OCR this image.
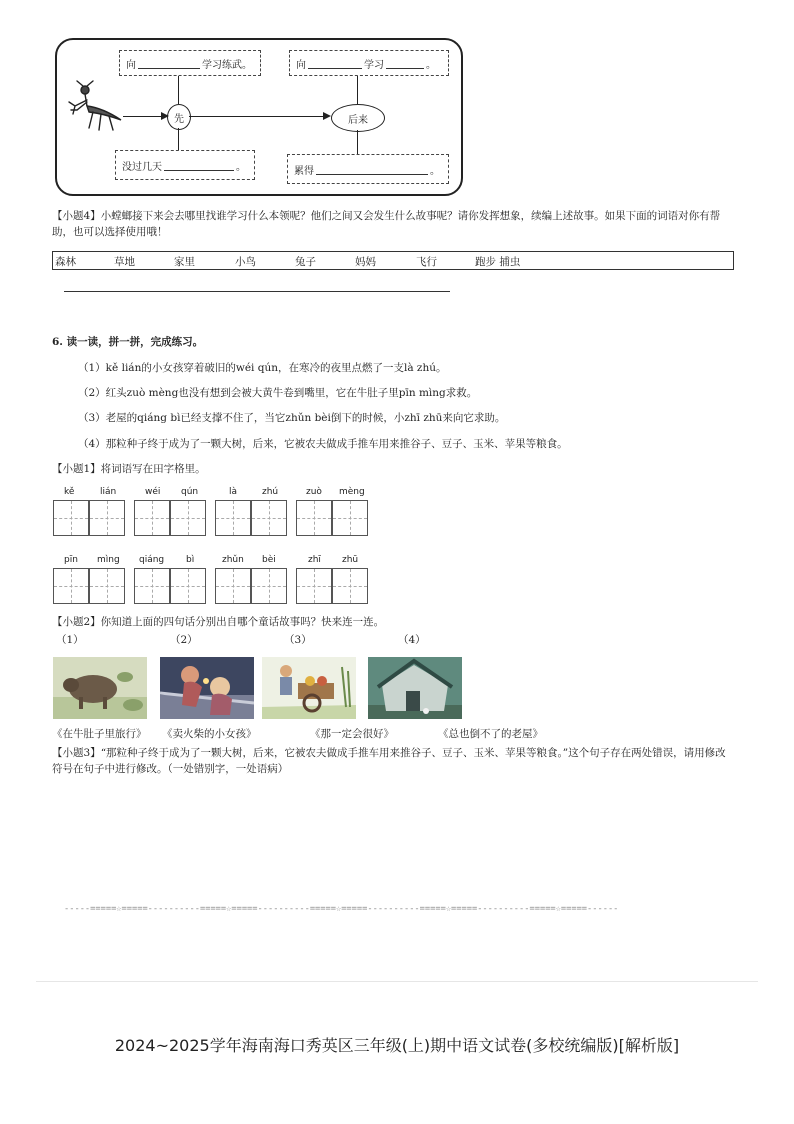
向	学习练武。	向	学习	。
没过几天	。	累得	。
先	后来
【小题4】小螳螂接下来会去哪里找谁学习什么本领呢？他们之间又会发生什么故事呢？请你发挥想象，续编上述故事。如果下面的词语对你有帮助，也可以选择使用哦！
森林	草地	家里	小鸟	兔子	妈妈	飞行	跑步 捕虫
6. 读一读，拼一拼，完成练习。
（1）kě lián的小女孩穿着破旧的wéi qún，在寒冷的夜里点燃了一支là zhú。
（2）红头zuò mèng也没有想到会被大黄牛卷到嘴里，它在牛肚子里pīn mìng求救。
（3）老屋的qiáng bì已经支撑不住了，当它zhǔn bèi倒下的时候，小zhī zhū来向它求助。
（4）那粒种子终于成为了一颗大树，后来，它被农夫做成手推车用来推谷子、豆子、玉米、苹果等粮食。
【小题1】将词语写在田字格里。
kě	lián	wéi qún	là	zhú	zuò mèng
pīn mìng qiáng bì	zhǔn bèi	zhī zhū
【小题2】你知道上面的四句话分别出自哪个童话故事吗？快来连一连。
（1）	（2）	（3）	（4）
《在牛肚子里旅行》 《卖火柴的小女孩》	《那一定会很好》	《总也倒不了的老屋》
【小题3】“那粒种子终于成为了一颗大树，后来，它被农夫做成手推车用来推谷子、豆子、玉米、苹果等粮食。”这个句子存在两处错误，请用修改符号在句子中进行修改。（一处错别字，一处语病）
-----=====☆=====----------=====☆=====----------=====☆=====----------=====☆=====----------=====☆=====------
2024~2025学年海南海口秀英区三年级(上)期中语文试卷(多校统编版)[解析版]
